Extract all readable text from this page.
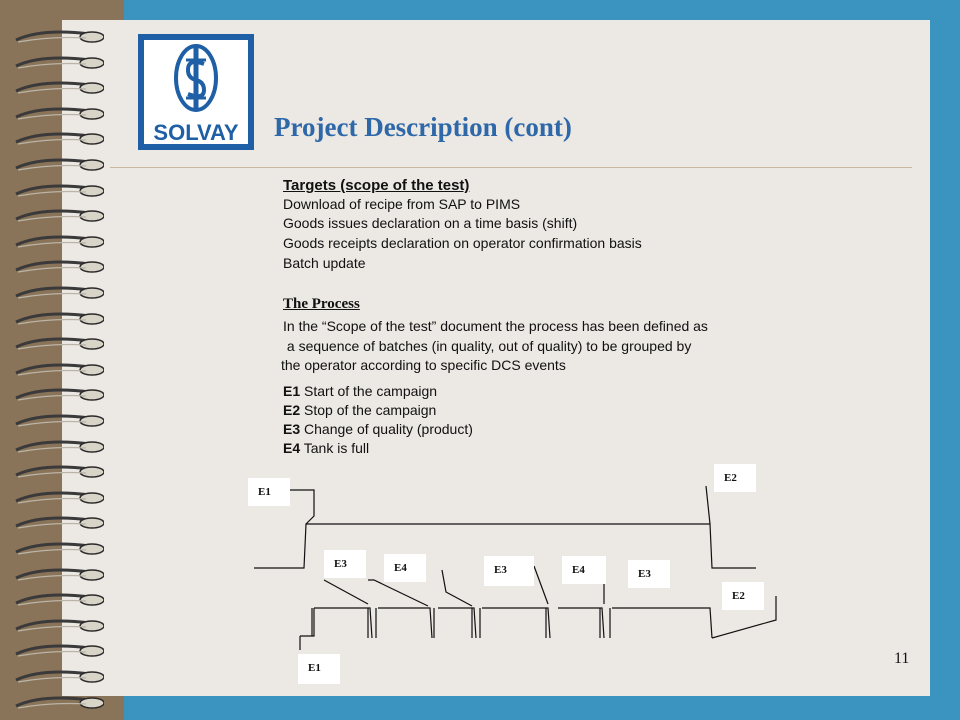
SOLVAY	Project Description (cont)
Targets (scope of the test)
Download of recipe from SAP to PIMS
Goods issues declaration on a time basis (shift)
Goods receipts declaration on operator confirmation basis
Batch update
The Process
In the “Scope of the test” document the process has been defined as
a sequence of batches (in quality, out of quality) to be grouped by
the operator according to specific DCS events
E1 Start of the campaign
E2 Stop of the campaign
E3 Change of quality (product)
E4 Tank is full
E1
E2
E3	E4	E3	E4	E3
E2
E1
11
